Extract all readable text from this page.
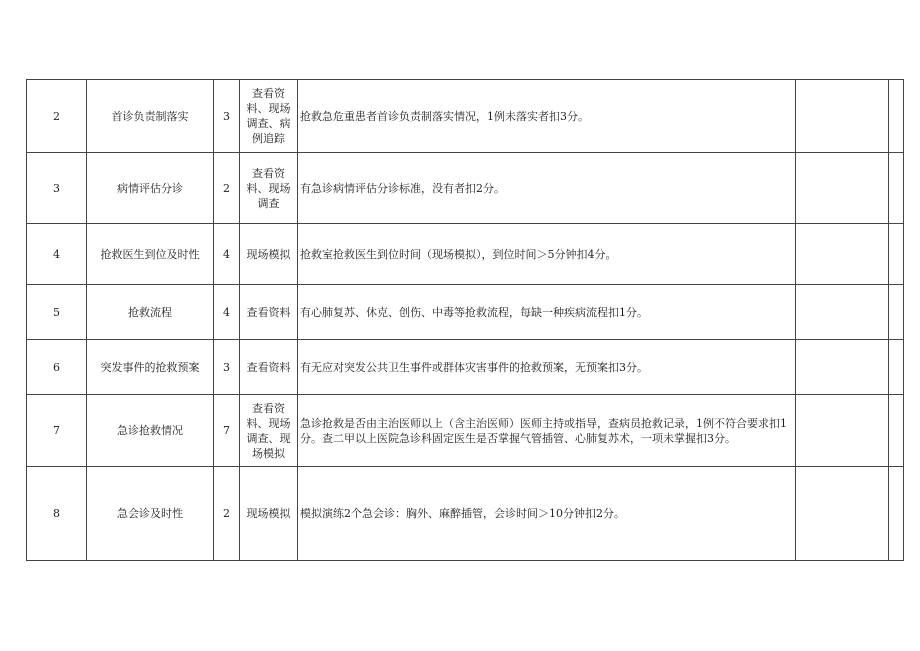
2	首诊负责制落实	3	查看资料、现场调查、病例追踪	抢救急危重患者首诊负责制落实情况，1例未落实者扣3分。		
3	病情评估分诊	2	查看资料、现场调查	有急诊病情评估分诊标准，没有者扣2分。		
4	抢救医生到位及时性	4	现场模拟	抢救室抢救医生到位时间（现场模拟），到位时间＞5分钟扣4分。		
5	抢救流程	4	查看资料	有心肺复苏、休克、创伤、中毒等抢救流程，每缺一种疾病流程扣1分。		
6	突发事件的抢救预案	3	查看资料	有无应对突发公共卫生事件或群体灾害事件的抢救预案，无预案扣3分。		
7	急诊抢救情况	7	查看资料、现场调查、现场模拟	急诊抢救是否由主治医师以上（含主治医师）医师主持或指导，查病员抢救记录，1例不符合要求扣1分。查二甲以上医院急诊科固定医生是否掌握气管插管、心肺复苏术，一项未掌握扣3分。		
8	急会诊及时性	2	现场模拟	模拟演练2个急会诊：胸外、麻醉插管，会诊时间＞10分钟扣2分。		
